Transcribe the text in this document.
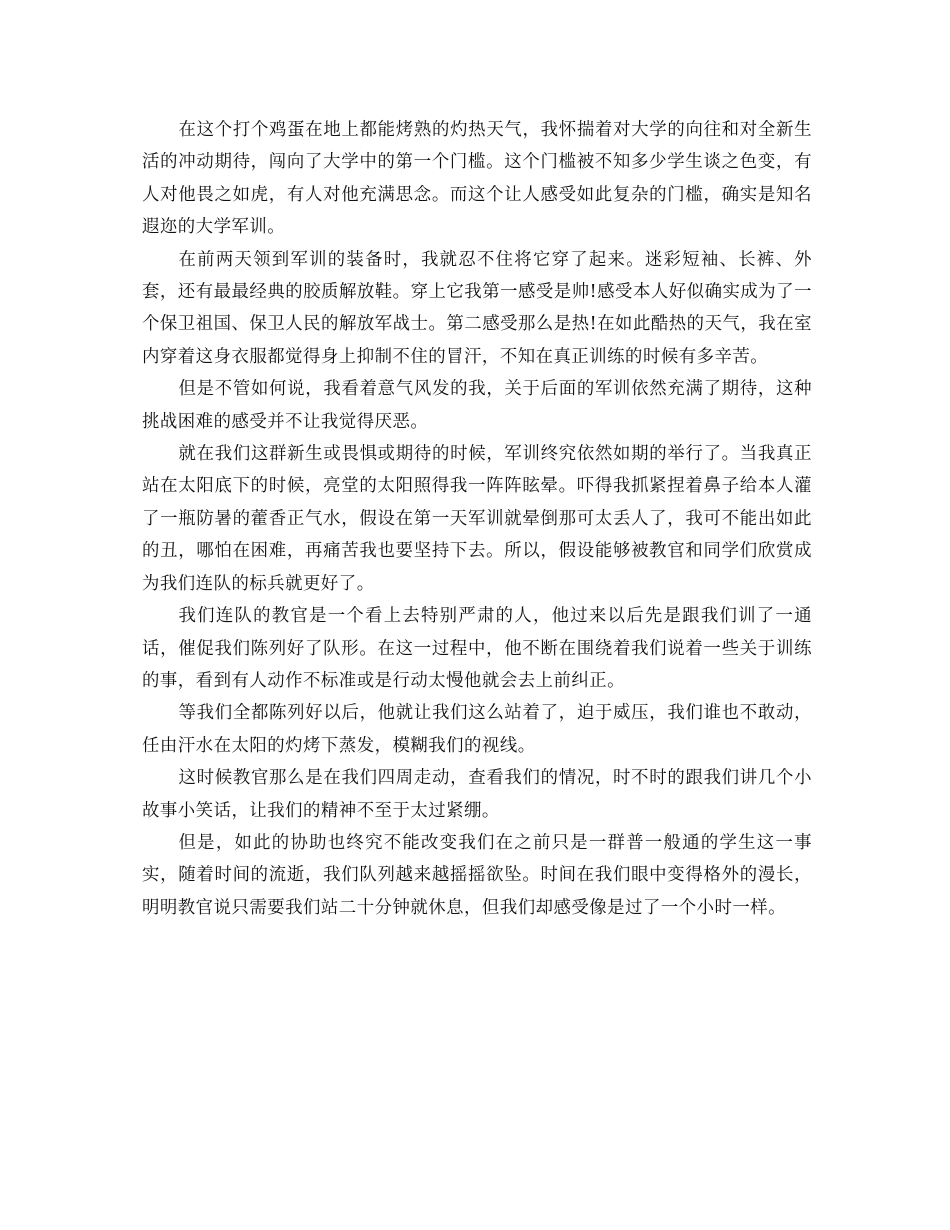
在这个打个鸡蛋在地上都能烤熟的灼热天气，我怀揣着对大学的向往和对全新生活的冲动期待，闯向了大学中的第一个门槛。这个门槛被不知多少学生谈之色变，有人对他畏之如虎，有人对他充满思念。而这个让人感受如此复杂的门槛，确实是知名遐迩的大学军训。

在前两天领到军训的装备时，我就忍不住将它穿了起来。迷彩短袖、长裤、外套，还有最最经典的胶质解放鞋。穿上它我第一感受是帅!感受本人好似确实成为了一个保卫祖国、保卫人民的解放军战士。第二感受那么是热!在如此酷热的天气，我在室内穿着这身衣服都觉得身上抑制不住的冒汗，不知在真正训练的时候有多辛苦。

但是不管如何说，我看着意气风发的我，关于后面的军训依然充满了期待，这种挑战困难的感受并不让我觉得厌恶。

就在我们这群新生或畏惧或期待的时候，军训终究依然如期的举行了。当我真正站在太阳底下的时候，亮堂的太阳照得我一阵阵眩晕。吓得我抓紧捏着鼻子给本人灌了一瓶防暑的藿香正气水，假设在第一天军训就晕倒那可太丢人了，我可不能出如此的丑，哪怕在困难，再痛苦我也要坚持下去。所以，假设能够被教官和同学们欣赏成为我们连队的标兵就更好了。

我们连队的教官是一个看上去特别严肃的人，他过来以后先是跟我们训了一通话，催促我们陈列好了队形。在这一过程中，他不断在围绕着我们说着一些关于训练的事，看到有人动作不标准或是行动太慢他就会去上前纠正。

等我们全都陈列好以后，他就让我们这么站着了，迫于威压，我们谁也不敢动，任由汗水在太阳的灼烤下蒸发，模糊我们的视线。

这时候教官那么是在我们四周走动，查看我们的情况，时不时的跟我们讲几个小故事小笑话，让我们的精神不至于太过紧绷。

但是，如此的协助也终究不能改变我们在之前只是一群普一般通的学生这一事实，随着时间的流逝，我们队列越来越摇摇欲坠。时间在我们眼中变得格外的漫长，明明教官说只需要我们站二十分钟就休息，但我们却感受像是过了一个小时一样。
